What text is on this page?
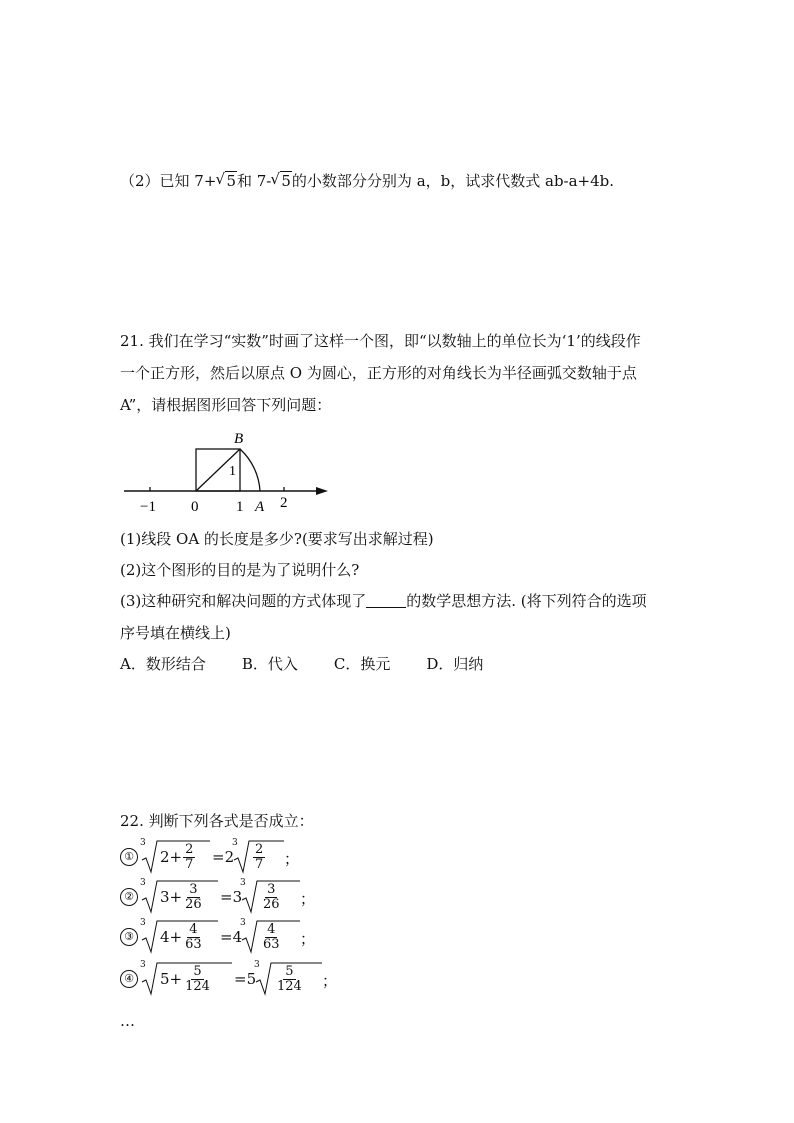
（2）已知 7+ √ 5和 7- √ 5的小数部分分别为 a，b，试求代数式 ab-a+4b.
21. 我们在学习“实数”时画了这样一个图，即“以数轴上的单位长为‘1’的线段作
一个正方形，然后以原点 O 为圆心，正方形的对角线长为半径画弧交数轴于点
A”，请根据图形回答下列问题：
B
1
−1 0	1 A 2
(1)线段 OA 的长度是多少?(要求写出求解过程)
(2)这个图形的目的是为了说明什么?
(3)这种研究和解决问题的方式体现了	的数学思想方法. (将下列符合的选项
序号填在横线上)
A．数形结合 B．代入 C．换元 D．归纳
22. 判断下列各式是否成立：
①
3
$2 + \frac{2}{7} =2$
$3 \frac{2}{7}$ ；
②
3
$3 + \frac{3}{26} =3$
$3 \frac{3}{26}$ ；
③
3
$4 + \frac{4}{63} =4$
$3 \frac{4}{63}$ ；
④
3
$5 + \frac{5}{124} =5$
$3 \frac{5}{124}$ ；
…
